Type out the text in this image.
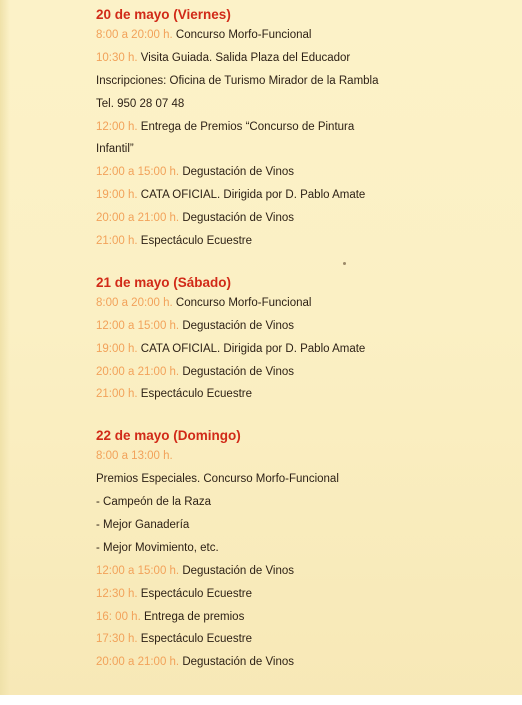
20 de mayo (Viernes)
8:00 a 20:00 h. Concurso Morfo-Funcional
10:30 h. Visita Guiada. Salida Plaza del Educador
Inscripciones: Oficina de Turismo Mirador de la Rambla
Tel. 950 28 07 48
12:00 h. Entrega de Premios “Concurso de Pintura
Infantil”
12:00 a 15:00 h. Degustación de Vinos
19:00 h. CATA OFICIAL. Dirigida por D. Pablo Amate
20:00 a 21:00 h. Degustación de Vinos
21:00 h. Espectáculo Ecuestre
21 de mayo (Sábado)
8:00 a 20:00 h. Concurso Morfo-Funcional
12:00 a 15:00 h. Degustación de Vinos
19:00 h. CATA OFICIAL. Dirigida por D. Pablo Amate
20:00 a 21:00 h. Degustación de Vinos
21:00 h. Espectáculo Ecuestre
22 de mayo (Domingo)
8:00 a 13:00 h.
Premios Especiales. Concurso Morfo-Funcional
- Campeón de la Raza
- Mejor Ganadería
- Mejor Movimiento, etc.
12:00 a 15:00 h. Degustación de Vinos
12:30 h. Espectáculo Ecuestre
16: 00 h. Entrega de premios
17:30 h. Espectáculo Ecuestre
20:00 a 21:00 h. Degustación de Vinos
